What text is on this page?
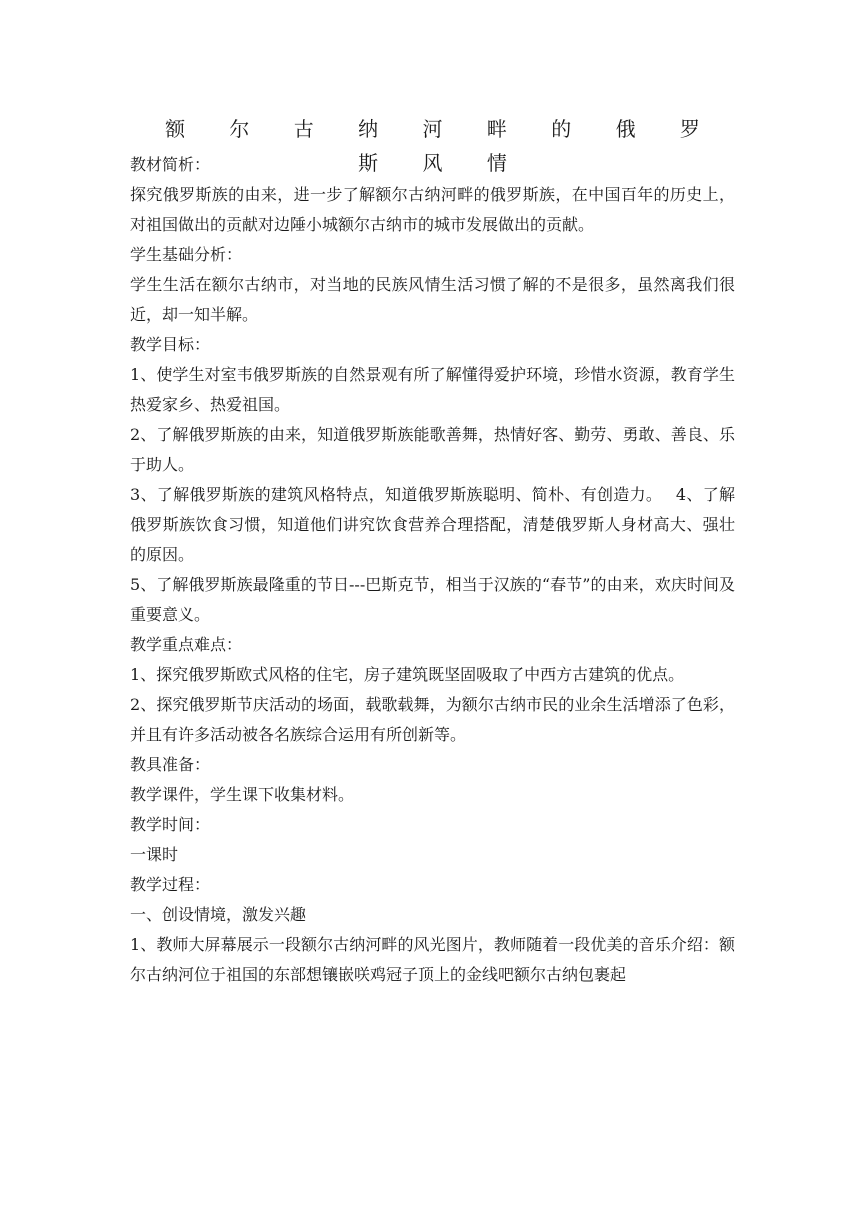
额 尔 古 纳 河 畔 的 俄 罗 斯 风 情

教材简析：

探究俄罗斯族的由来，进一步了解额尔古纳河畔的俄罗斯族，在中国百年的历史上，对祖国做出的贡献对边陲小城额尔古纳市的城市发展做出的贡献。

学生基础分析：

学生生活在额尔古纳市，对当地的民族风情生活习惯了解的不是很多，虽然离我们很近，却一知半解。

教学目标：

1、使学生对室韦俄罗斯族的自然景观有所了解懂得爱护环境，珍惜水资源，教育学生热爱家乡、热爱祖国。

2、了解俄罗斯族的由来，知道俄罗斯族能歌善舞，热情好客、勤劳、勇敢、善良、乐于助人。

3、了解俄罗斯族的建筑风格特点，知道俄罗斯族聪明、简朴、有创造力。　 4、了解俄罗斯族饮食习惯，知道他们讲究饮食营养合理搭配，清楚俄罗斯人身材高大、强壮的原因。

5、了解俄罗斯族最隆重的节日---巴斯克节，相当于汉族的“春节”的由来，欢庆时间及重要意义。

教学重点难点：

1、探究俄罗斯欧式风格的住宅，房子建筑既坚固吸取了中西方古建筑的优点。

2、探究俄罗斯节庆活动的场面，载歌载舞，为额尔古纳市民的业余生活增添了色彩，并且有许多活动被各名族综合运用有所创新等。

教具准备：

教学课件，学生课下收集材料。

教学时间：

一课时

教学过程：

一、创设情境，激发兴趣

1、教师大屏幕展示一段额尔古纳河畔的风光图片，教师随着一段优美的音乐介绍：额尔古纳河位于祖国的东部想镶嵌咲鸡冠子顶上的金线吧额尔古纳包裹起
